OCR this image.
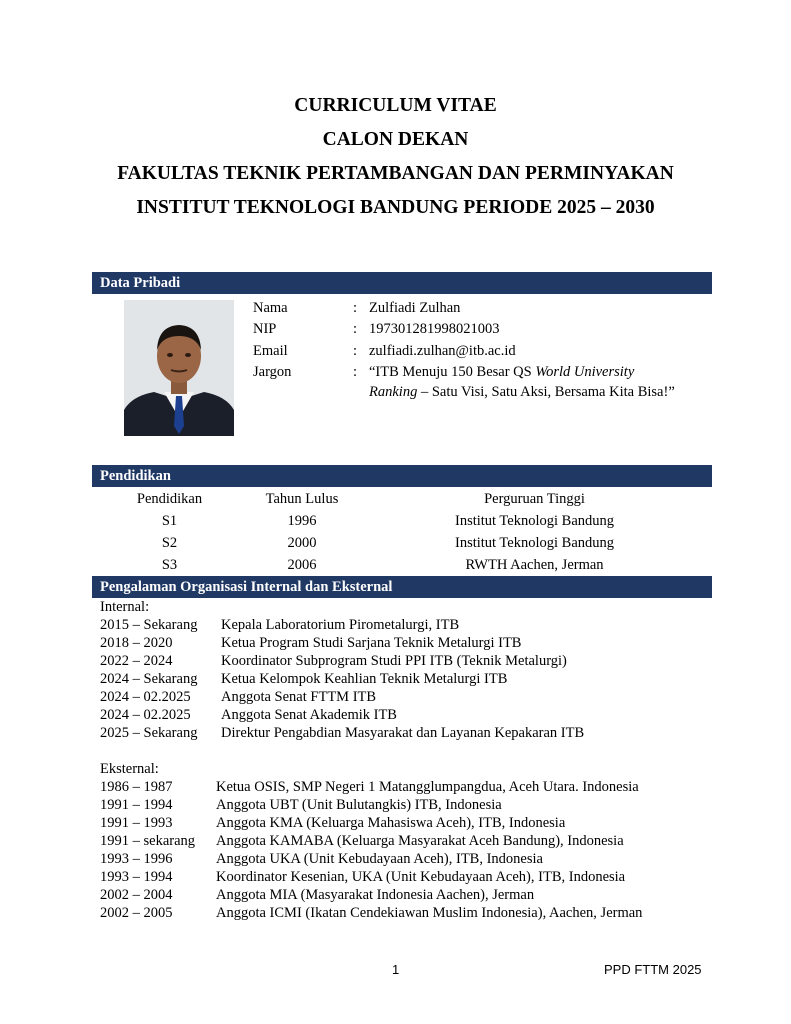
CURRICULUM VITAE

CALON DEKAN

FAKULTAS TEKNIK PERTAMBANGAN DAN PERMINYAKAN

INSTITUT TEKNOLOGI BANDUNG PERIODE 2025 – 2030

Data Pribadi
Nama	: Zulfiadi Zulhan
NIP	: 197301281998021003
Email	: zulfiadi.zulhan@itb.ac.id
Jargon	: “ITB Menuju 150 Besar QS World University
Ranking – Satu Visi, Satu Aksi, Bersama Kita Bisa!”
Pendidikan
Pendidikan	Tahun Lulus	Perguruan Tinggi
S1	1996	Institut Teknologi Bandung
S2	2000	Institut Teknologi Bandung
S3	2006	RWTH Aachen, Jerman
Pengalaman Organisasi Internal dan Eksternal
Internal:
2015 – Sekarang Kepala Laboratorium Pirometalurgi, ITB
2018 – 2020	Ketua Program Studi Sarjana Teknik Metalurgi ITB
2022 – 2024	Koordinator Subprogram Studi PPI ITB (Teknik Metalurgi)
2024 – Sekarang Ketua Kelompok Keahlian Teknik Metalurgi ITB
2024 – 02.2025 Anggota Senat FTTM ITB
2024 – 02.2025 Anggota Senat Akademik ITB
2025 – Sekarang Direktur Pengabdian Masyarakat dan Layanan Kepakaran ITB
Eksternal:
1986 – 1987	Ketua OSIS, SMP Negeri 1 Matangglumpangdua, Aceh Utara. Indonesia
1991 – 1994	Anggota UBT (Unit Bulutangkis) ITB, Indonesia
1991 – 1993	Anggota KMA (Keluarga Mahasiswa Aceh), ITB, Indonesia
1991 – sekarang Anggota KAMABA (Keluarga Masyarakat Aceh Bandung), Indonesia
1993 – 1996	Anggota UKA (Unit Kebudayaan Aceh), ITB, Indonesia
1993 – 1994	Koordinator Kesenian, UKA (Unit Kebudayaan Aceh), ITB, Indonesia
2002 – 2004	Anggota MIA (Masyarakat Indonesia Aachen), Jerman
2002 – 2005	Anggota ICMI (Ikatan Cendekiawan Muslim Indonesia), Aachen, Jerman
1	PPD FTTM 2025
